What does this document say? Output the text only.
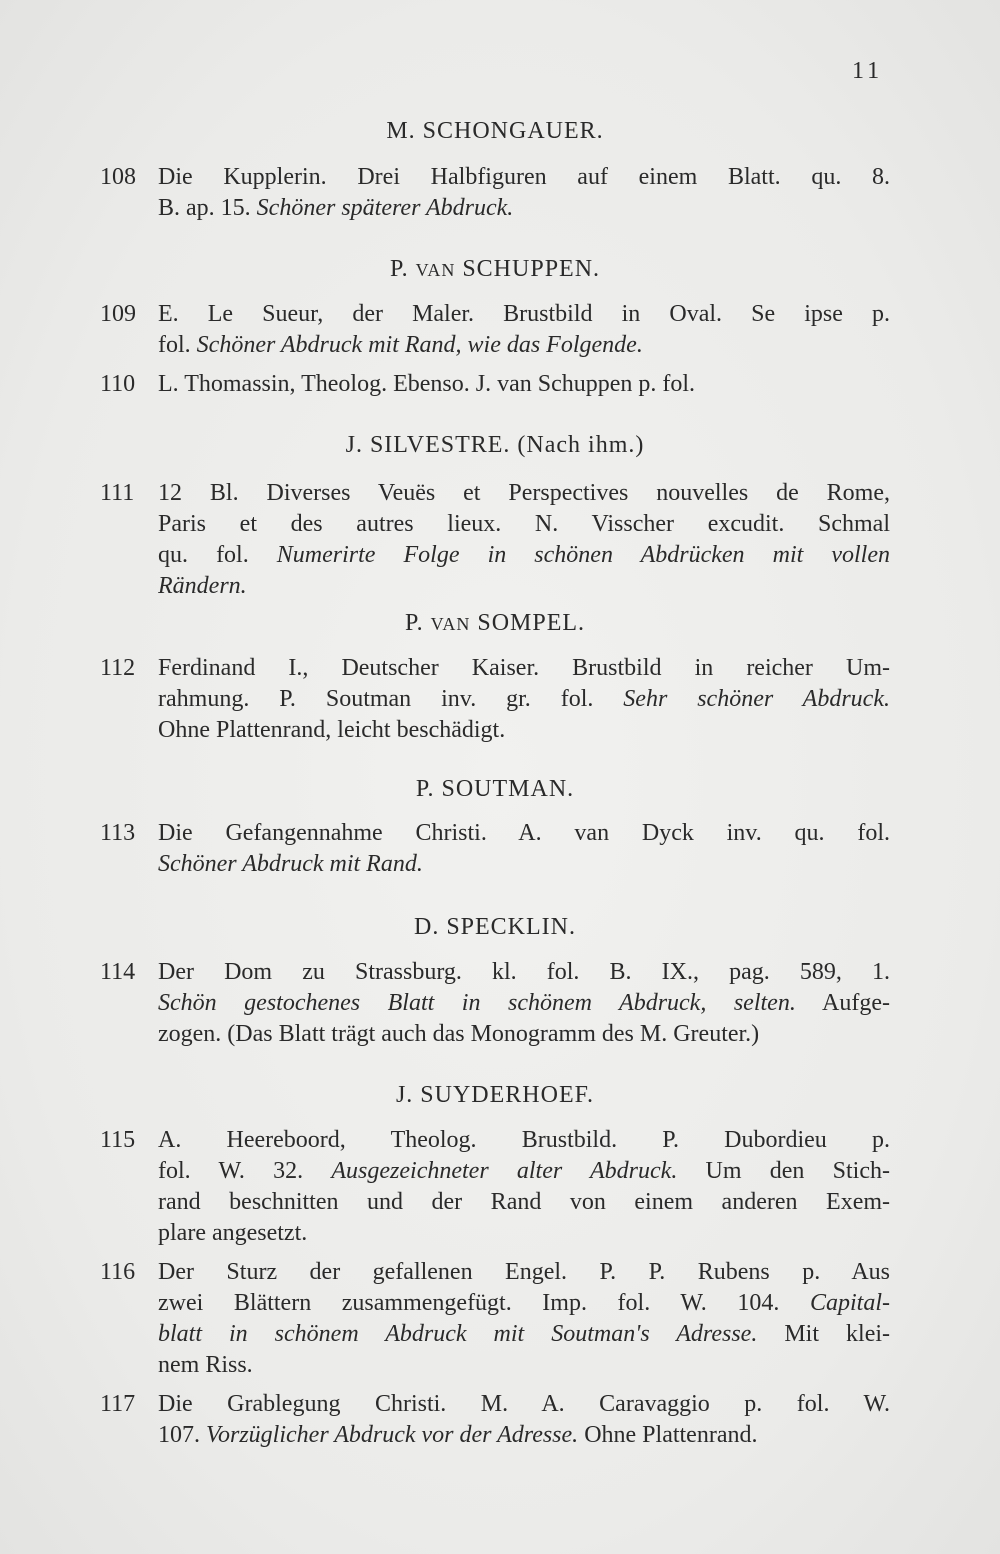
11
M. SCHONGAUER.
108 Die Kupplerin. Drei Halbfiguren auf einem Blatt. qu. 8.
B. ap. 15. Schöner späterer Abdruck.
P. VAN SCHUPPEN.
109 E. Le Sueur, der Maler. Brustbild in Oval. Se ipse p.
fol. Schöner Abdruck mit Rand, wie das Folgende.
110 L. Thomassin, Theolog. Ebenso. J. van Schuppen p. fol.
J. SILVESTRE. (Nach ihm.)
111 12 Bl. Diverses Veuës et Perspectives nouvelles de Rome,
Paris et des autres lieux. N. Visscher excudit. Schmal
qu. fol. Numerirte Folge in schönen Abdrücken mit vollen
Rändern.
P. VAN SOMPEL.
112 Ferdinand I., Deutscher Kaiser. Brustbild in reicher Um-
rahmung. P. Soutman inv. gr. fol. Sehr schöner Abdruck.
Ohne Plattenrand, leicht beschädigt.
P. SOUTMAN.
113 Die Gefangennahme Christi. A. van Dyck inv. qu. fol.
Schöner Abdruck mit Rand.
D. SPECKLIN.
114 Der Dom zu Strassburg. kl. fol. B. IX., pag. 589, 1.
Schön gestochenes Blatt in schönem Abdruck, selten. Aufge-
zogen. (Das Blatt trägt auch das Monogramm des M. Greuter.)
J. SUYDERHOEF.
115 A. Heereboord, Theolog. Brustbild. P. Dubordieu p.
fol. W. 32. Ausgezeichneter alter Abdruck. Um den Stich-
rand beschnitten und der Rand von einem anderen Exem-
plare angesetzt.
116 Der Sturz der gefallenen Engel. P. P. Rubens p. Aus
zwei Blättern zusammengefügt. Imp. fol. W. 104. Capital-
blatt in schönem Abdruck mit Soutman's Adresse. Mit klei-
nem Riss.
117 Die Grablegung Christi. M. A. Caravaggio p. fol. W.
107. Vorzüglicher Abdruck vor der Adresse. Ohne Plattenrand.
